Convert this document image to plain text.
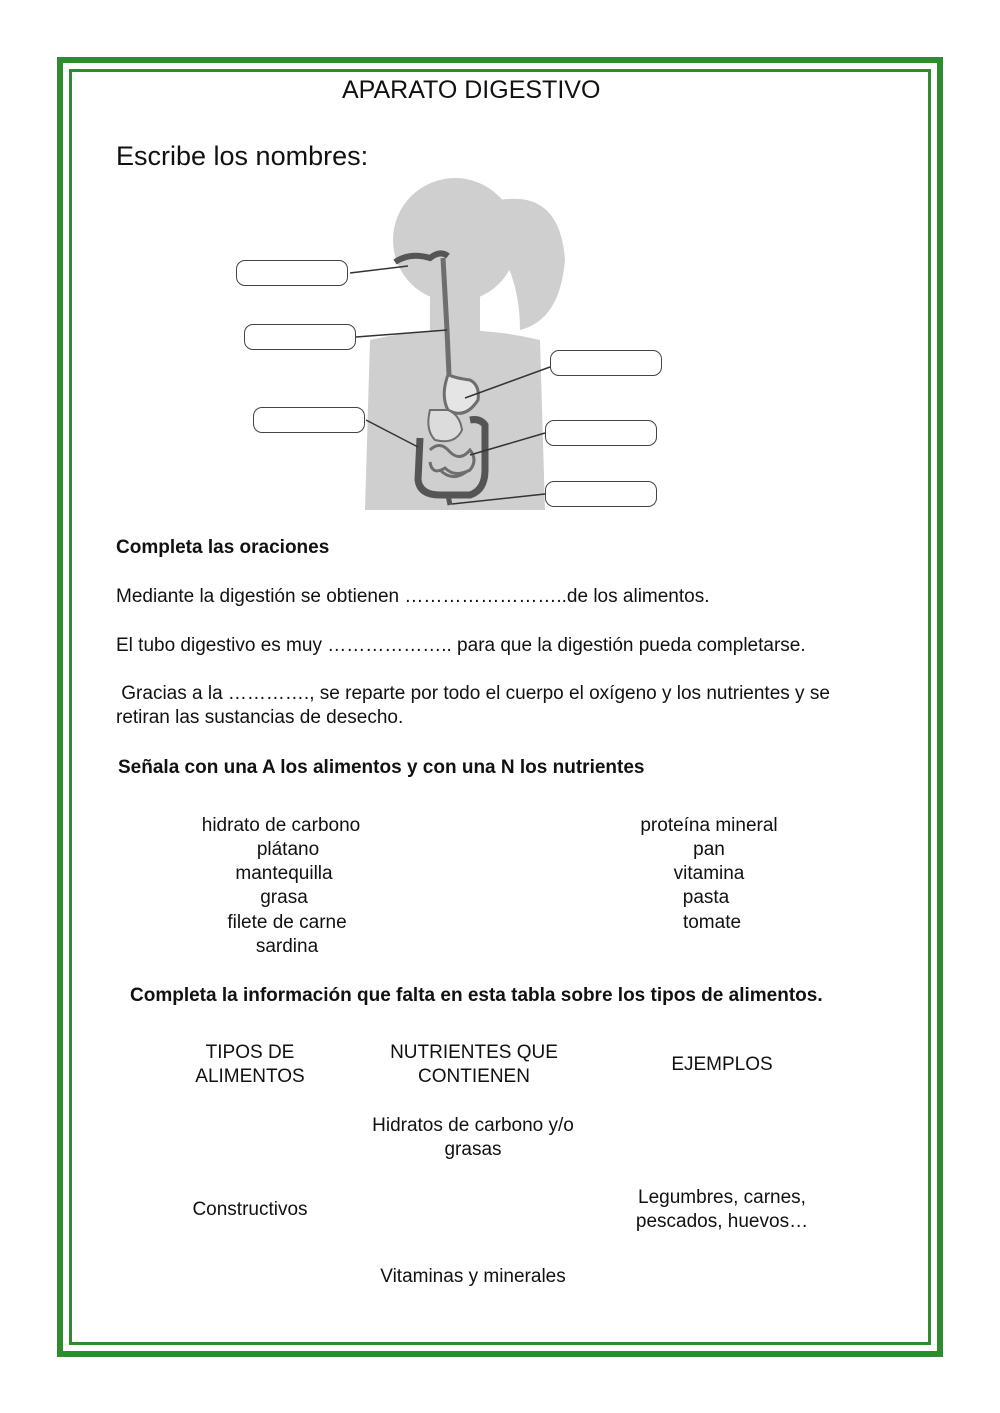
APARATO DIGESTIVO
Escribe los nombres:
Completa las oraciones
Mediante la digestión se obtienen ……………………..de los alimentos.
El tubo digestivo es muy ……………….. para que la digestión pueda completarse.
Gracias a la …………., se reparte por todo el cuerpo el oxígeno y los nutrientes y se
retiran las sustancias de desecho.
Señala con una A los alimentos y con una N los nutrientes
hidrato de carbono
plátano
mantequilla
grasa
filete de carne
sardina
proteína mineral
pan
vitamina
pasta
tomate
Completa la información que falta en esta tabla sobre los tipos de alimentos.
TIPOS DE
ALIMENTOS
NUTRIENTES QUE
CONTIENEN
EJEMPLOS
Hidratos de carbono y/o
grasas
Constructivos
Legumbres, carnes,
pescados, huevos…
Vitaminas y minerales
